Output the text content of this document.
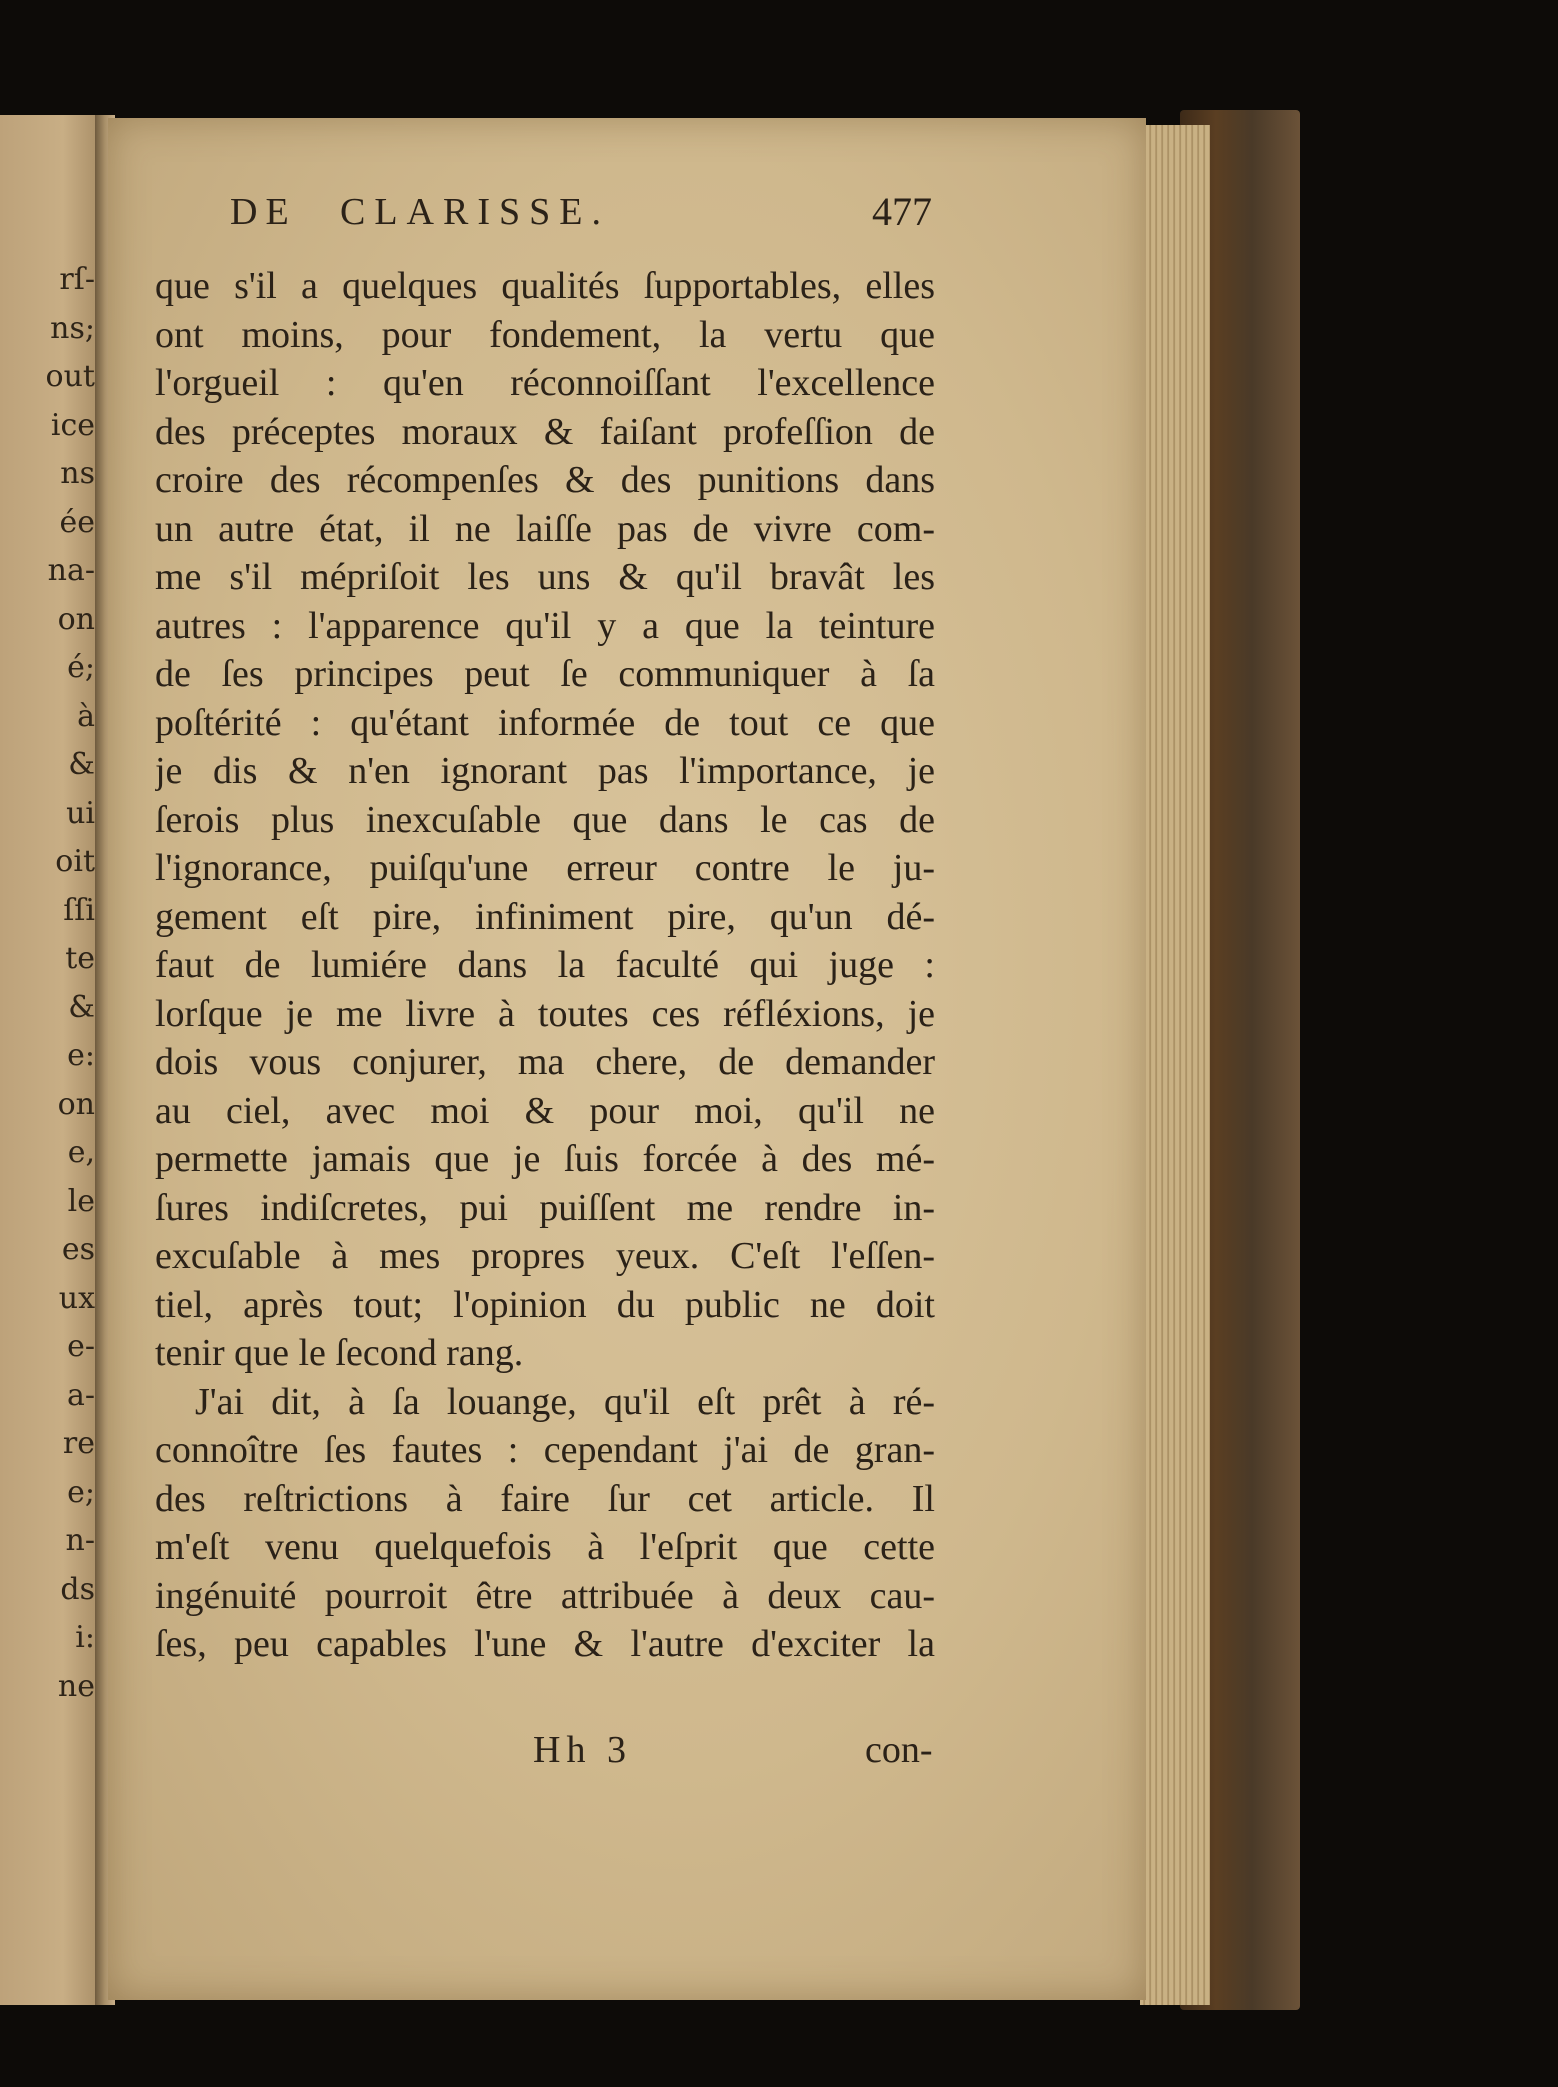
rſ-
ns;
out
ice
ns
ée
na-
on
é;
à
&
ui
oit
ſſi
te
&
e:
on
e,
le
es
ux
e-
a-
re
e;
n-
ds
i:
ne
DE CLARISSE.	477
que s'il a quelques qualités ſupportables, elles
ont moins, pour fondement, la vertu que
l'orgueil : qu'en réconnoiſſant l'excellence
des préceptes moraux & faiſant profeſſion de
croire des récompenſes & des punitions dans
un autre état, il ne laiſſe pas de vivre com-
me s'il mépriſoit les uns & qu'il bravât les
autres : l'apparence qu'il y a que la teinture
de ſes principes peut ſe communiquer à ſa
poſtérité : qu'étant informée de tout ce que
je dis & n'en ignorant pas l'importance, je
ſerois plus inexcuſable que dans le cas de
l'ignorance, puiſqu'une erreur contre le ju-
gement eſt pire, infiniment pire, qu'un dé-
faut de lumiére dans la faculté qui juge :
lorſque je me livre à toutes ces réfléxions, je
dois vous conjurer, ma chere, de demander
au ciel, avec moi & pour moi, qu'il ne
permette jamais que je ſuis forcée à des mé-
ſures indiſcretes, pui puiſſent me rendre in-
excuſable à mes propres yeux. C'eſt l'eſſen-
tiel, après tout; l'opinion du public ne doit
tenir que le ſecond rang.
J'ai dit, à ſa louange, qu'il eſt prêt à ré-
connoître ſes fautes : cependant j'ai de gran-
des reſtrictions à faire ſur cet article. Il
m'eſt venu quelquefois à l'eſprit que cette
ingénuité pourroit être attribuée à deux cau-
ſes, peu capables l'une & l'autre d'exciter la
Hh 3	con-
